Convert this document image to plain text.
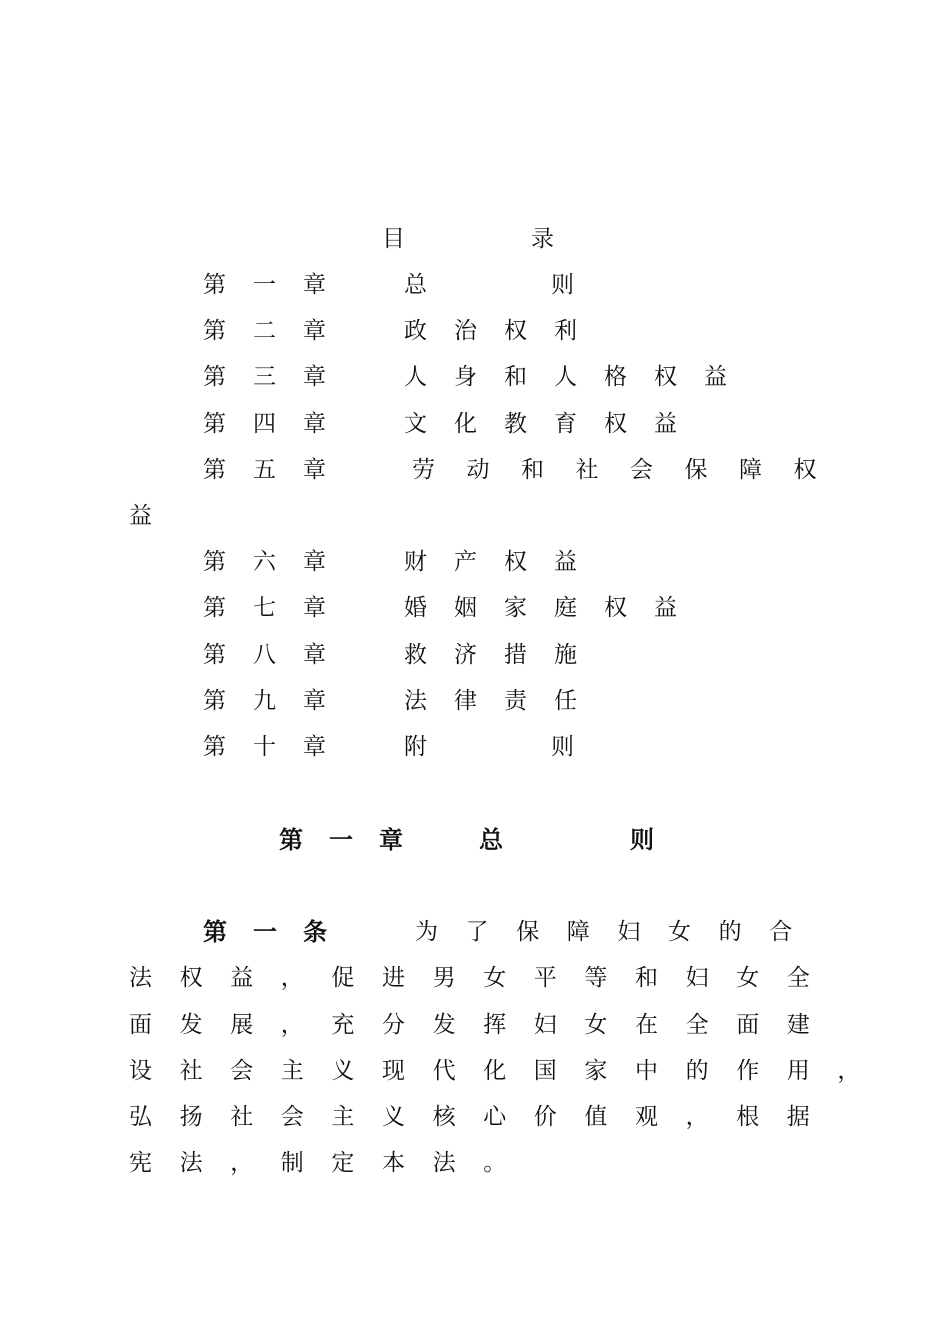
目录
第一章 总则
第二章 政治权利
第三章 人身和人格权益
第四章 文化教育权益
第五章	劳动和社会保障权
益
第六章 财产权益
第七章 婚姻家庭权益
第八章 救济措施
第九章 法律责任
第十章 附则
第一章 总则
第一条	为了保障妇女的合
法权益，促进男女平等和妇女全
面发展，充分发挥妇女在全面建
设社会主义现代化国家中的作用，
弘扬社会主义核心价值观，根据
宪法，制定本法。
